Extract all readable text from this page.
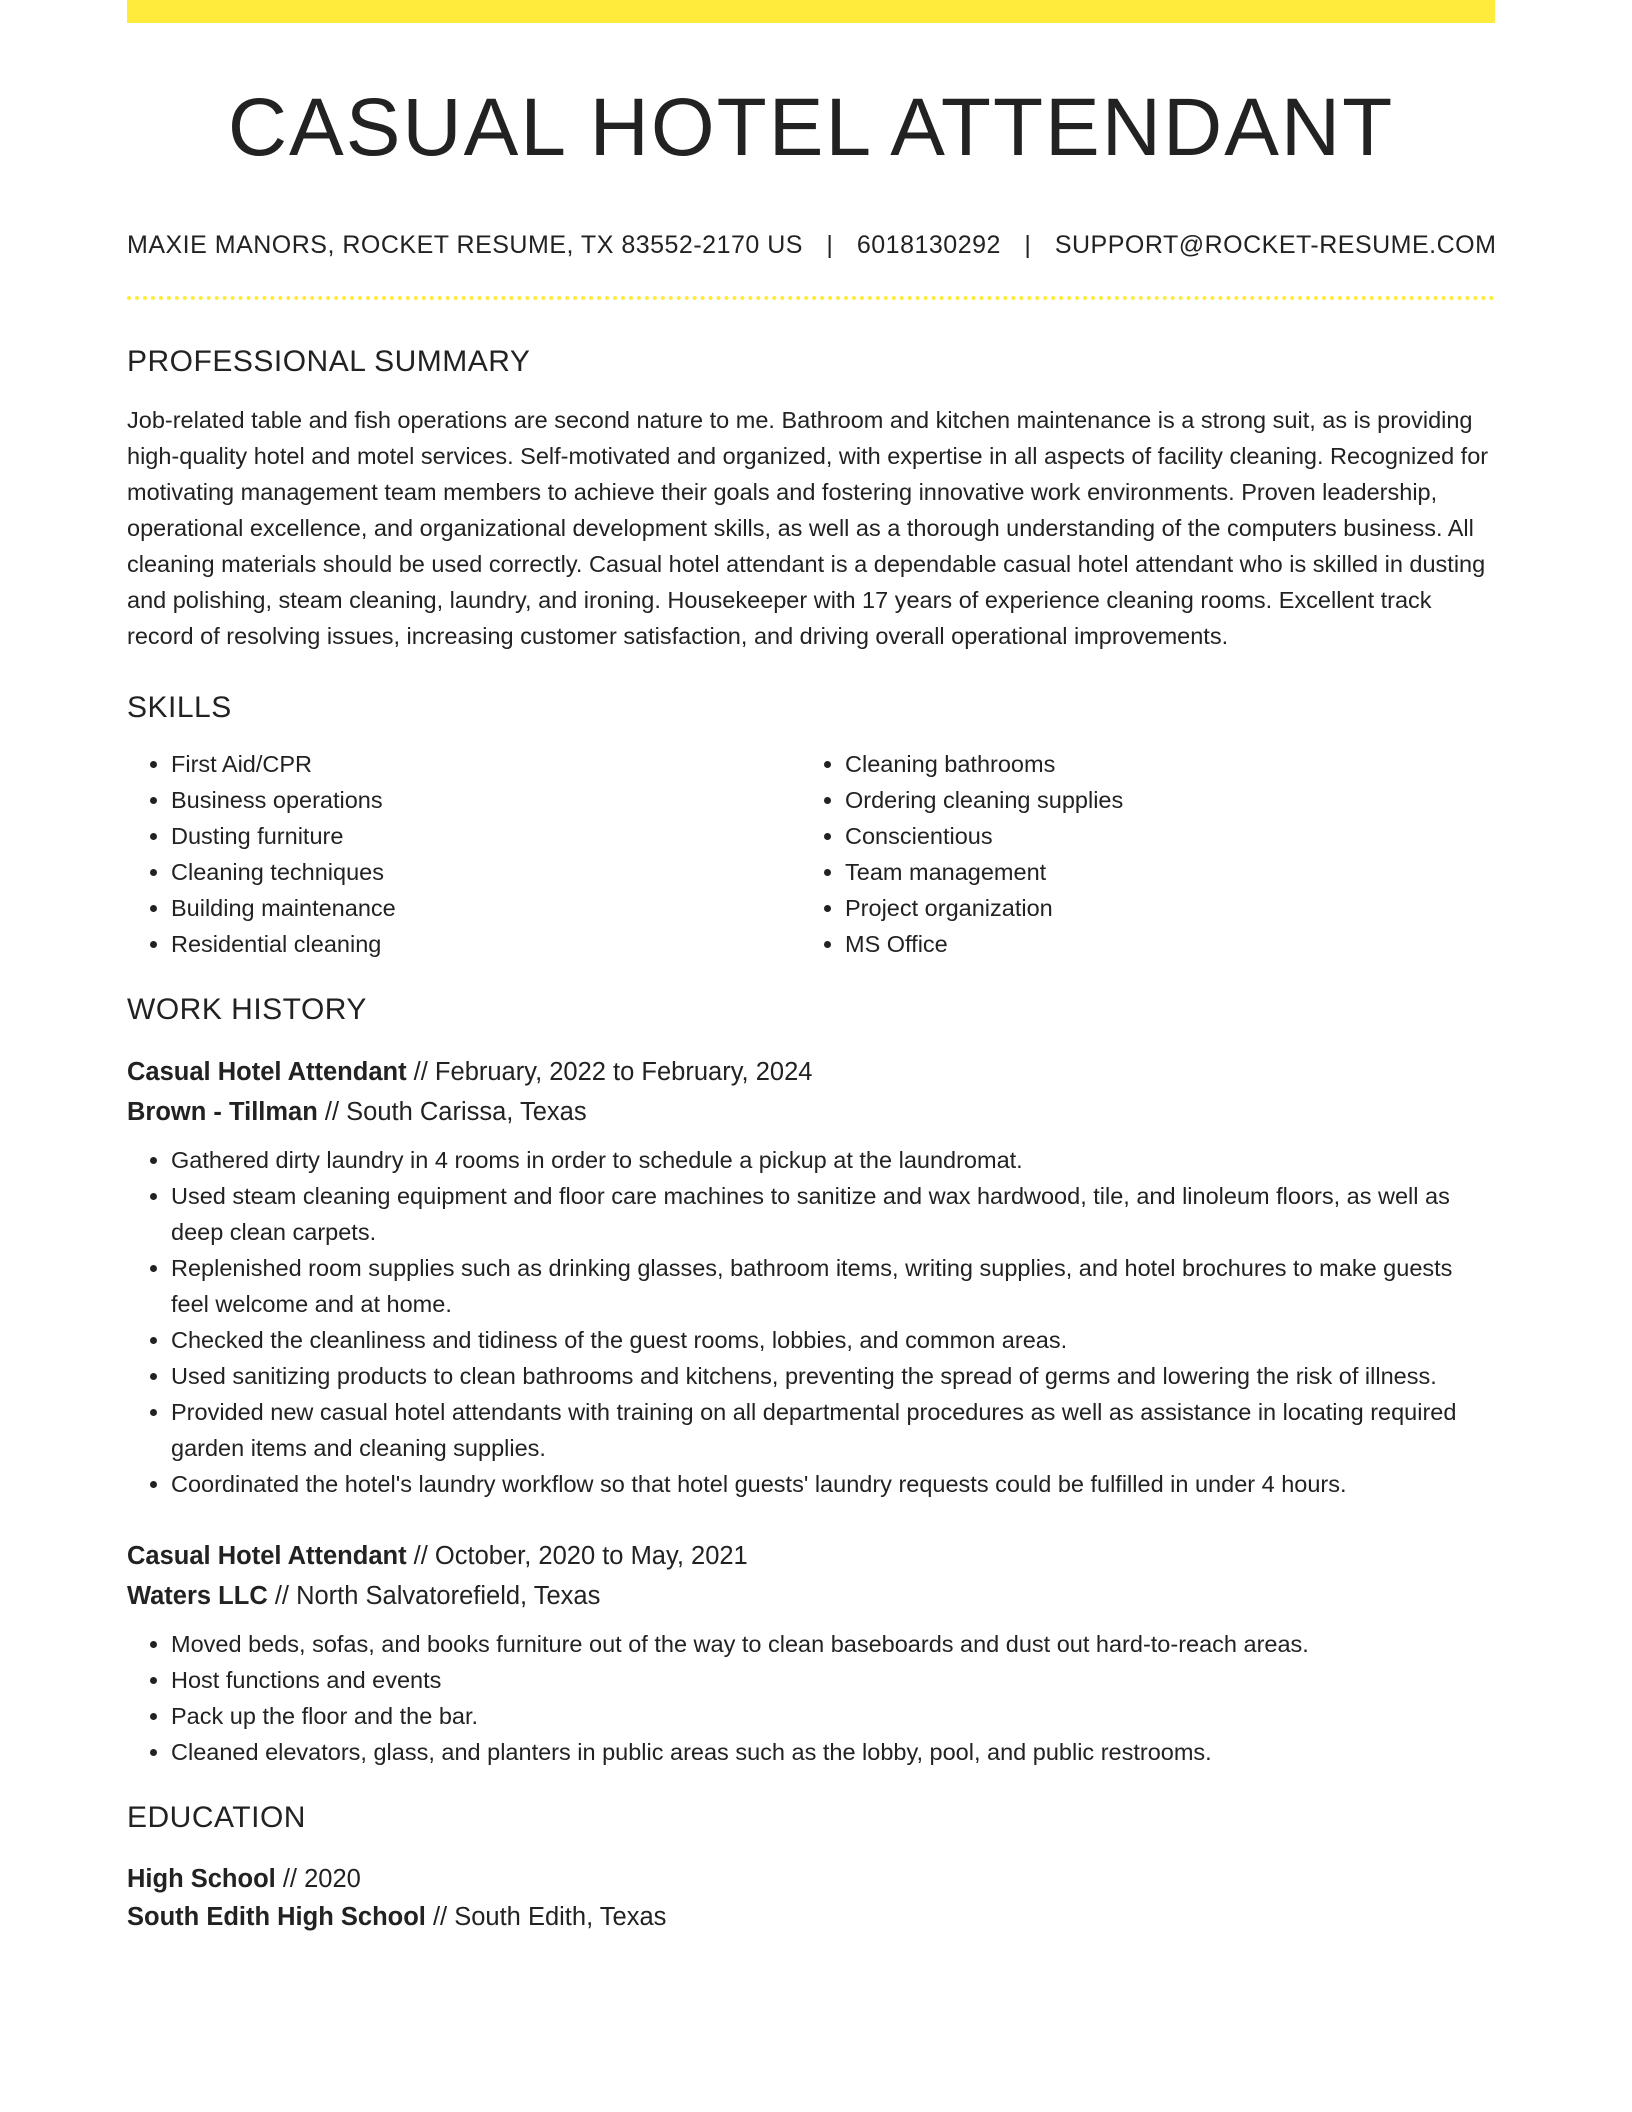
CASUAL HOTEL ATTENDANT
MAXIE MANORS, ROCKET RESUME, TX 83552-2170 US | 6018130292 | SUPPORT@ROCKET-RESUME.COM
PROFESSIONAL SUMMARY

Job-related table and fish operations are second nature to me. Bathroom and kitchen maintenance is a strong suit, as is providing high-quality hotel and motel services. Self-motivated and organized, with expertise in all aspects of facility cleaning. Recognized for motivating management team members to achieve their goals and fostering innovative work environments. Proven leadership, operational excellence, and organizational development skills, as well as a thorough understanding of the computers business. All cleaning materials should be used correctly. Casual hotel attendant is a dependable casual hotel attendant who is skilled in dusting and polishing, steam cleaning, laundry, and ironing. Housekeeper with 17 years of experience cleaning rooms. Excellent track record of resolving issues, increasing customer satisfaction, and driving overall operational improvements.

SKILLS
• First Aid/CPR
• Business operations
• Dusting furniture
• Cleaning techniques
• Building maintenance
• Residential cleaning
• Cleaning bathrooms
• Ordering cleaning supplies
• Conscientious
• Team management
• Project organization
• MS Office
WORK HISTORY
Casual Hotel Attendant // February, 2022 to February, 2024
Brown - Tillman // South Carissa, Texas
• Gathered dirty laundry in 4 rooms in order to schedule a pickup at the laundromat.
• Used steam cleaning equipment and floor care machines to sanitize and wax hardwood, tile, and linoleum floors, as well as deep clean carpets.
• Replenished room supplies such as drinking glasses, bathroom items, writing supplies, and hotel brochures to make guests feel welcome and at home.
• Checked the cleanliness and tidiness of the guest rooms, lobbies, and common areas.
• Used sanitizing products to clean bathrooms and kitchens, preventing the spread of germs and lowering the risk of illness.
• Provided new casual hotel attendants with training on all departmental procedures as well as assistance in locating required garden items and cleaning supplies.
• Coordinated the hotel's laundry workflow so that hotel guests' laundry requests could be fulfilled in under 4 hours.
Casual Hotel Attendant // October, 2020 to May, 2021
Waters LLC // North Salvatorefield, Texas
• Moved beds, sofas, and books furniture out of the way to clean baseboards and dust out hard-to-reach areas.
• Host functions and events
• Pack up the floor and the bar.
• Cleaned elevators, glass, and planters in public areas such as the lobby, pool, and public restrooms.
EDUCATION
High School // 2020
South Edith High School // South Edith, Texas
